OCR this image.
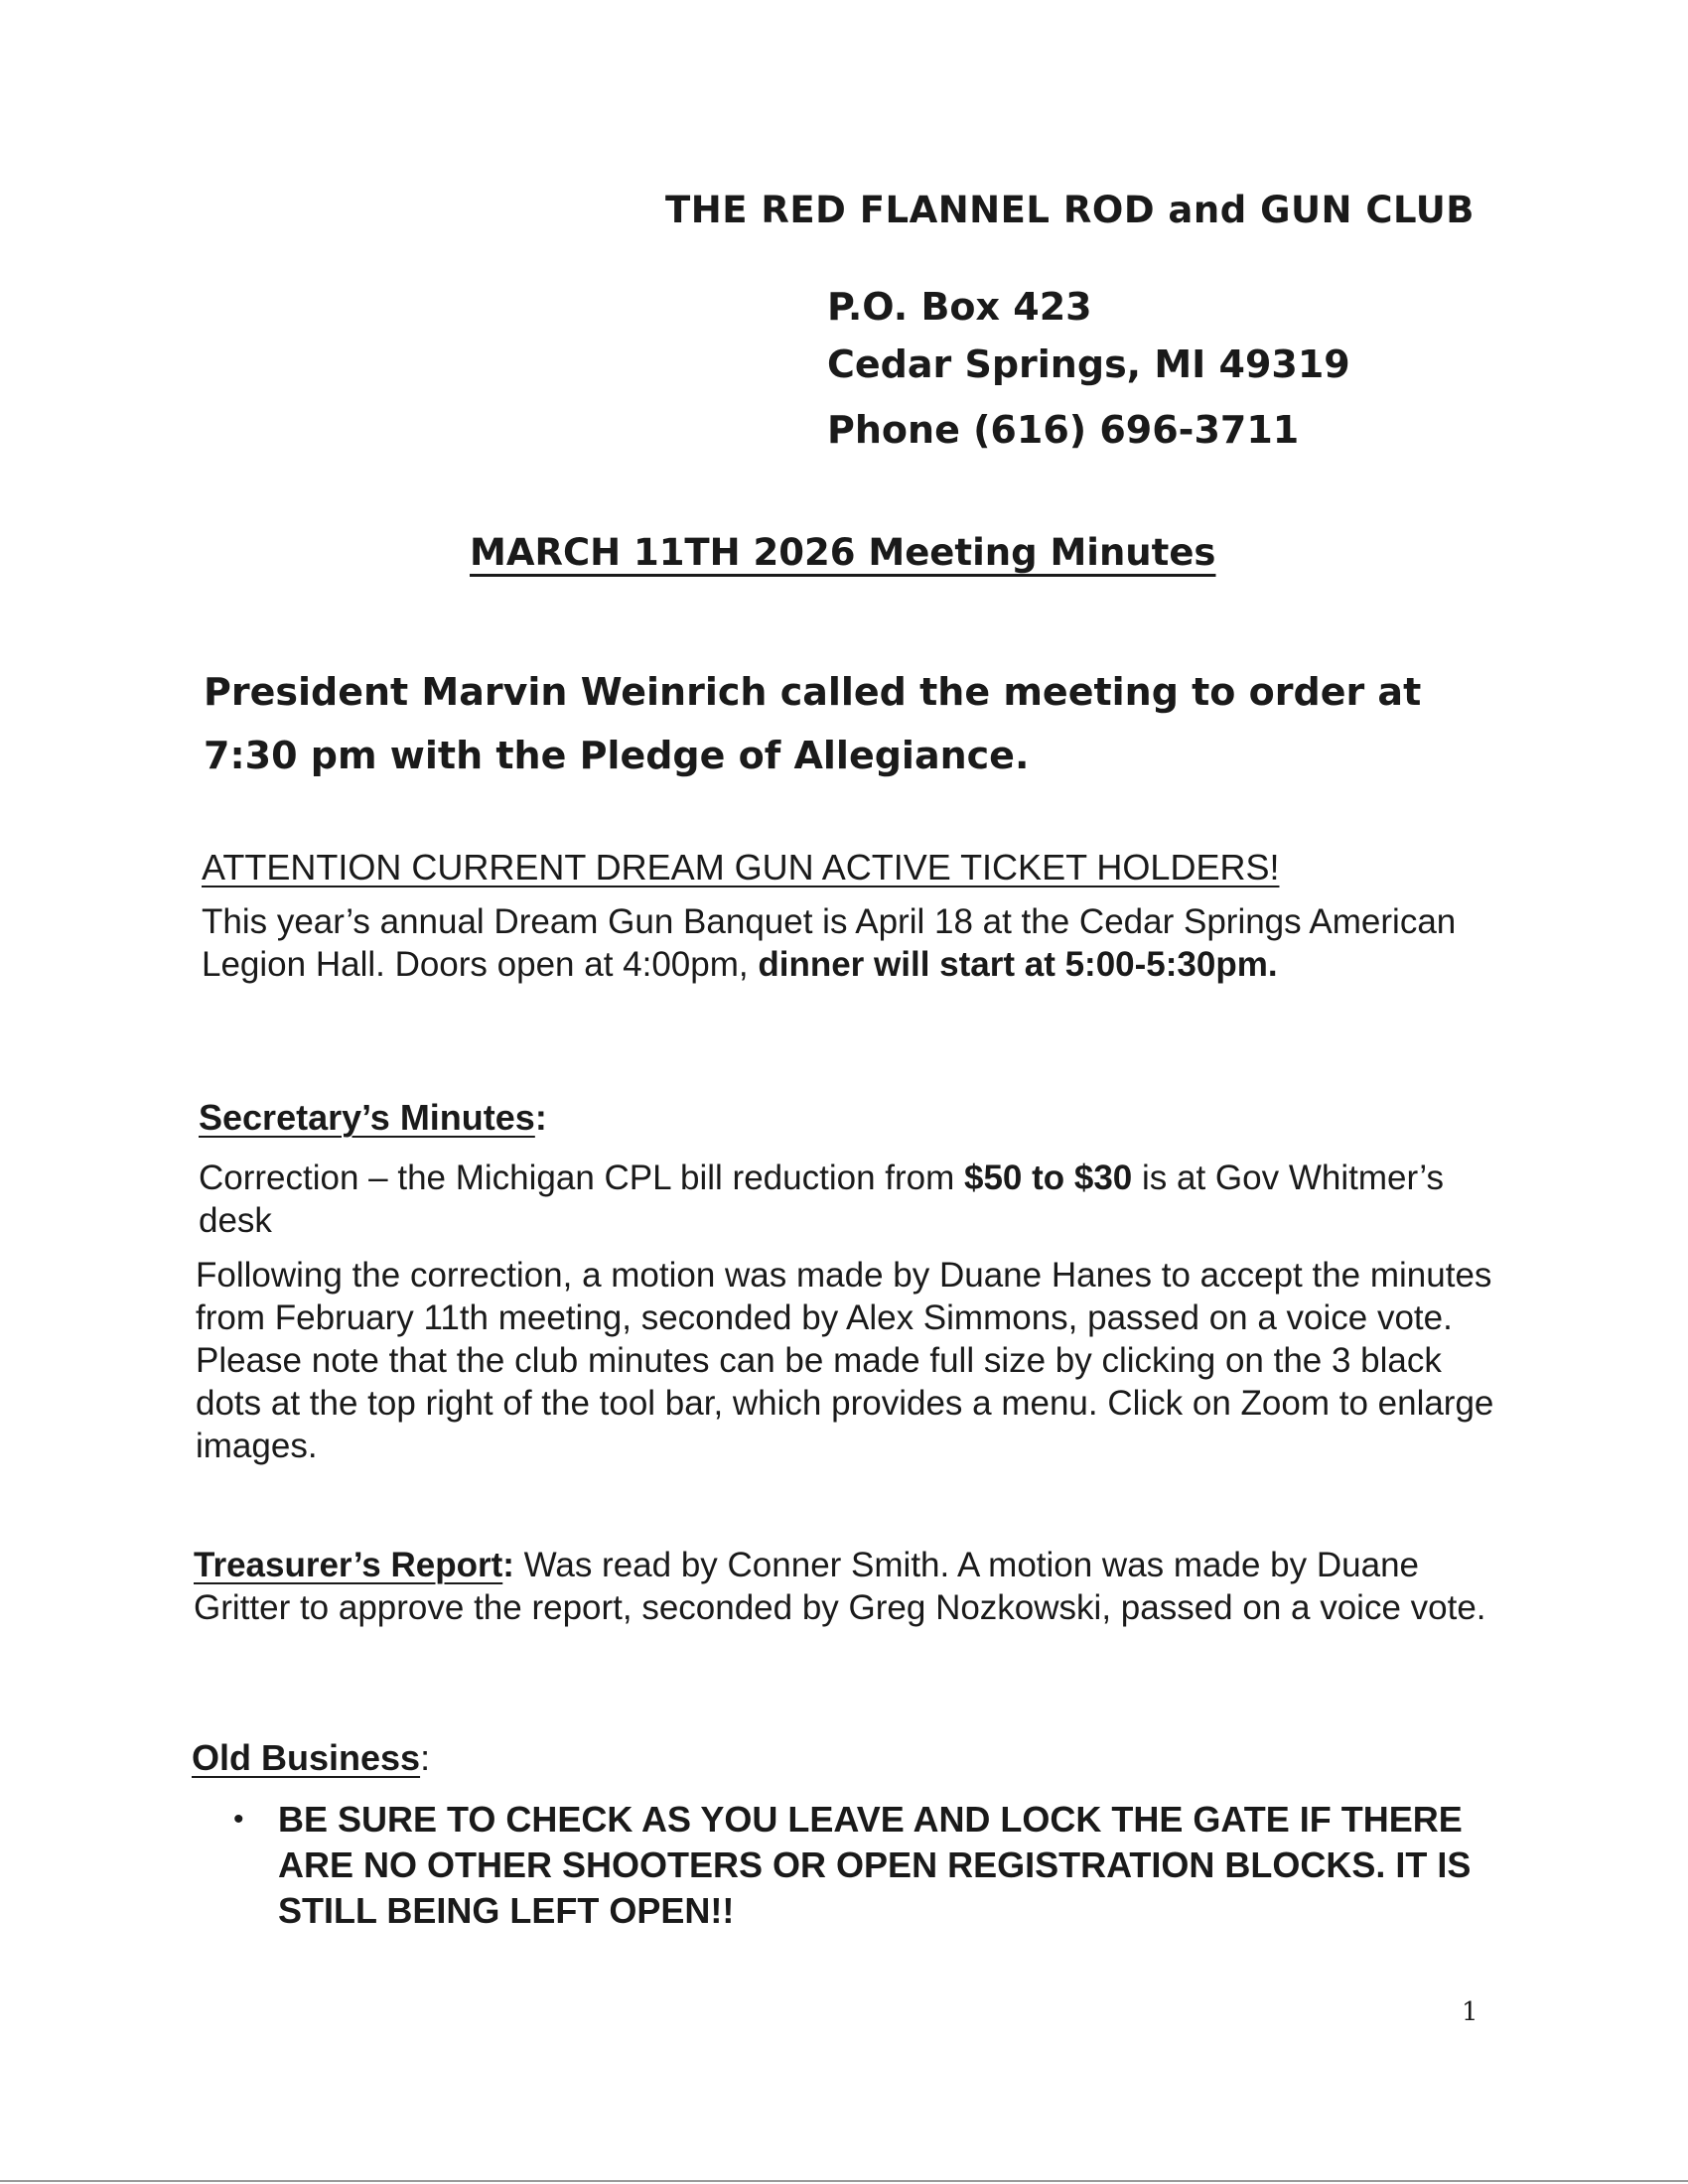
THE RED FLANNEL ROD and GUN CLUB
P.O. Box 423
Cedar Springs, MI 49319
Phone (616) 696-3711
MARCH 11TH 2026 Meeting Minutes
President Marvin Weinrich called the meeting to order at
7:30 pm with the Pledge of Allegiance.
ATTENTION CURRENT DREAM GUN ACTIVE TICKET HOLDERS!
This year’s annual Dream Gun Banquet is April 18 at the Cedar Springs American Legion Hall. Doors open at 4:00pm, dinner will start at 5:00-5:30pm.
Secretary’s Minutes:
Correction – the Michigan CPL bill reduction from $50 to $30 is at Gov Whitmer’s desk
Following the correction, a motion was made by Duane Hanes to accept the minutes from February 11th meeting, seconded by Alex Simmons, passed on a voice vote. Please note that the club minutes can be made full size by clicking on the 3 black dots at the top right of the tool bar, which provides a menu. Click on Zoom to enlarge images.
Treasurer’s Report: Was read by Conner Smith. A motion was made by Duane Gritter to approve the report, seconded by Greg Nozkowski, passed on a voice vote.
Old Business:
• BE SURE TO CHECK AS YOU LEAVE AND LOCK THE GATE IF THERE ARE NO OTHER SHOOTERS OR OPEN REGISTRATION BLOCKS. IT IS STILL BEING LEFT OPEN!!
1
